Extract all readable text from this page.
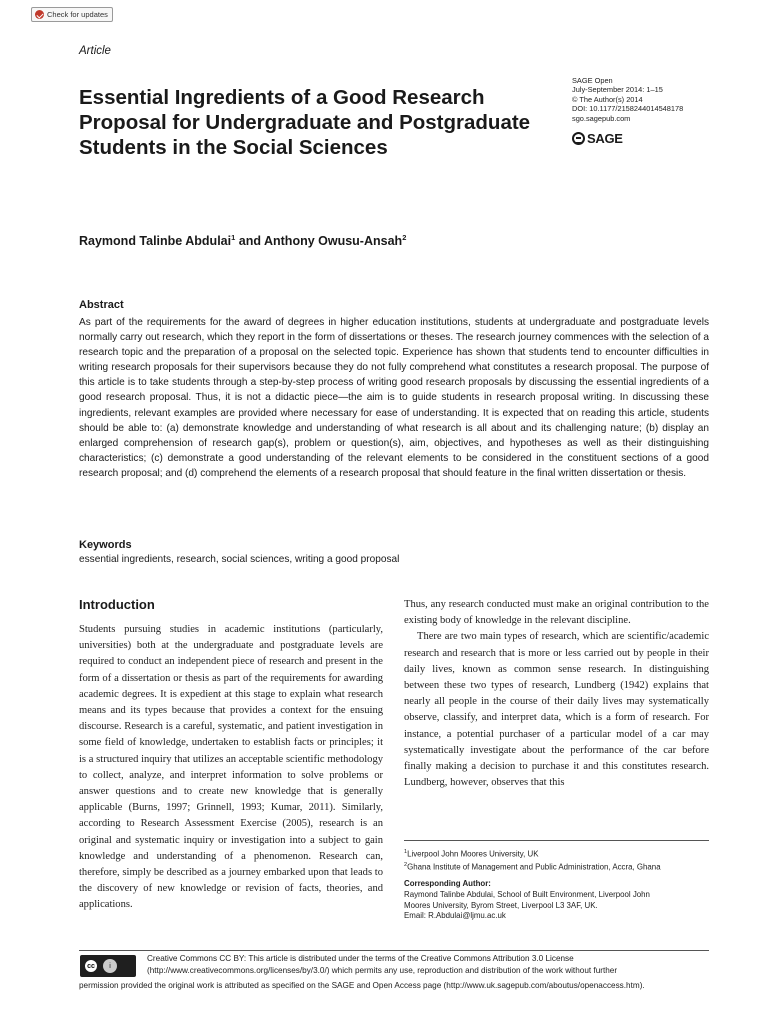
Check for updates
Article
SAGE Open
July-September 2014: 1–15
© The Author(s) 2014
DOI: 10.1177/2158244014548178
sgo.sagepub.com
SAGE
Essential Ingredients of a Good Research Proposal for Undergraduate and Postgraduate Students in the Social Sciences
Raymond Talinbe Abdulai$^1$ and Anthony Owusu-Ansah$^2$
Abstract

As part of the requirements for the award of degrees in higher education institutions, students at undergraduate and postgraduate levels normally carry out research, which they report in the form of dissertations or theses. The research journey commences with the selection of a research topic and the preparation of a proposal on the selected topic. Experience has shown that students tend to encounter difficulties in writing research proposals for their supervisors because they do not fully comprehend what constitutes a research proposal. The purpose of this article is to take students through a step-by-step process of writing good research proposals by discussing the essential ingredients of a good research proposal. Thus, it is not a didactic piece—the aim is to guide students in research proposal writing. In discussing these ingredients, relevant examples are provided where necessary for ease of understanding. It is expected that on reading this article, students should be able to: (a) demonstrate knowledge and understanding of what research is all about and its challenging nature; (b) display an enlarged comprehension of research gap(s), problem or question(s), aim, objectives, and hypotheses as well as their distinguishing characteristics; (c) demonstrate a good understanding of the relevant elements to be considered in the constituent sections of a good research proposal; and (d) comprehend the elements of a research proposal that should feature in the final written dissertation or thesis.

Keywords

essential ingredients, research, social sciences, writing a good proposal

Introduction

Students pursuing studies in academic institutions (particularly, universities) both at the undergraduate and postgraduate levels are required to conduct an independent piece of research and present in the form of a dissertation or thesis as part of the requirements for awarding academic degrees. It is expedient at this stage to explain what research means and its types because that provides a context for the ensuing discourse. Research is a careful, systematic, and patient investigation in some field of knowledge, undertaken to establish facts or principles; it is a structured inquiry that utilizes an acceptable scientific methodology to collect, analyze, and interpret information to solve problems or answer questions and to create new knowledge that is generally applicable (Burns, 1997; Grinnell, 1993; Kumar, 2011). Similarly, according to Research Assessment Exercise (2005), research is an original and systematic inquiry or investigation into a subject to gain knowledge and understanding of a phenomenon. Research can, therefore, simply be described as a journey embarked upon that leads to the discovery of new knowledge or revision of facts, theories, and applications.

Thus, any research conducted must make an original contribution to the existing body of knowledge in the relevant discipline.

There are two main types of research, which are scientific/academic research and research that is more or less carried out by people in their daily lives, known as common sense research. In distinguishing between these two types of research, Lundberg (1942) explains that nearly all people in the course of their daily lives may systematically observe, classify, and interpret data, which is a form of research. For instance, a potential purchaser of a particular model of a car may systematically investigate about the performance of the car before finally making a decision to purchase it and this constitutes research. Lundberg, however, observes that this

$^1$Liverpool John Moores University, UK
$^2$Ghana Institute of Management and Public Administration, Accra, Ghana
Corresponding Author:
Raymond Talinbe Abdulai, School of Built Environment, Liverpool John
Moores University, Byrom Street, Liverpool L3 3AF, UK.
Email: R.Abdulai@ljmu.ac.uk
cc	i
Creative Commons CC BY: This article is distributed under the terms of the Creative Commons Attribution 3.0 License
(http://www.creativecommons.org/licenses/by/3.0/) which permits any use, reproduction and distribution of the work without further
permission provided the original work is attributed as specified on the SAGE and Open Access page (http://www.uk.sagepub.com/aboutus/openaccess.htm).
